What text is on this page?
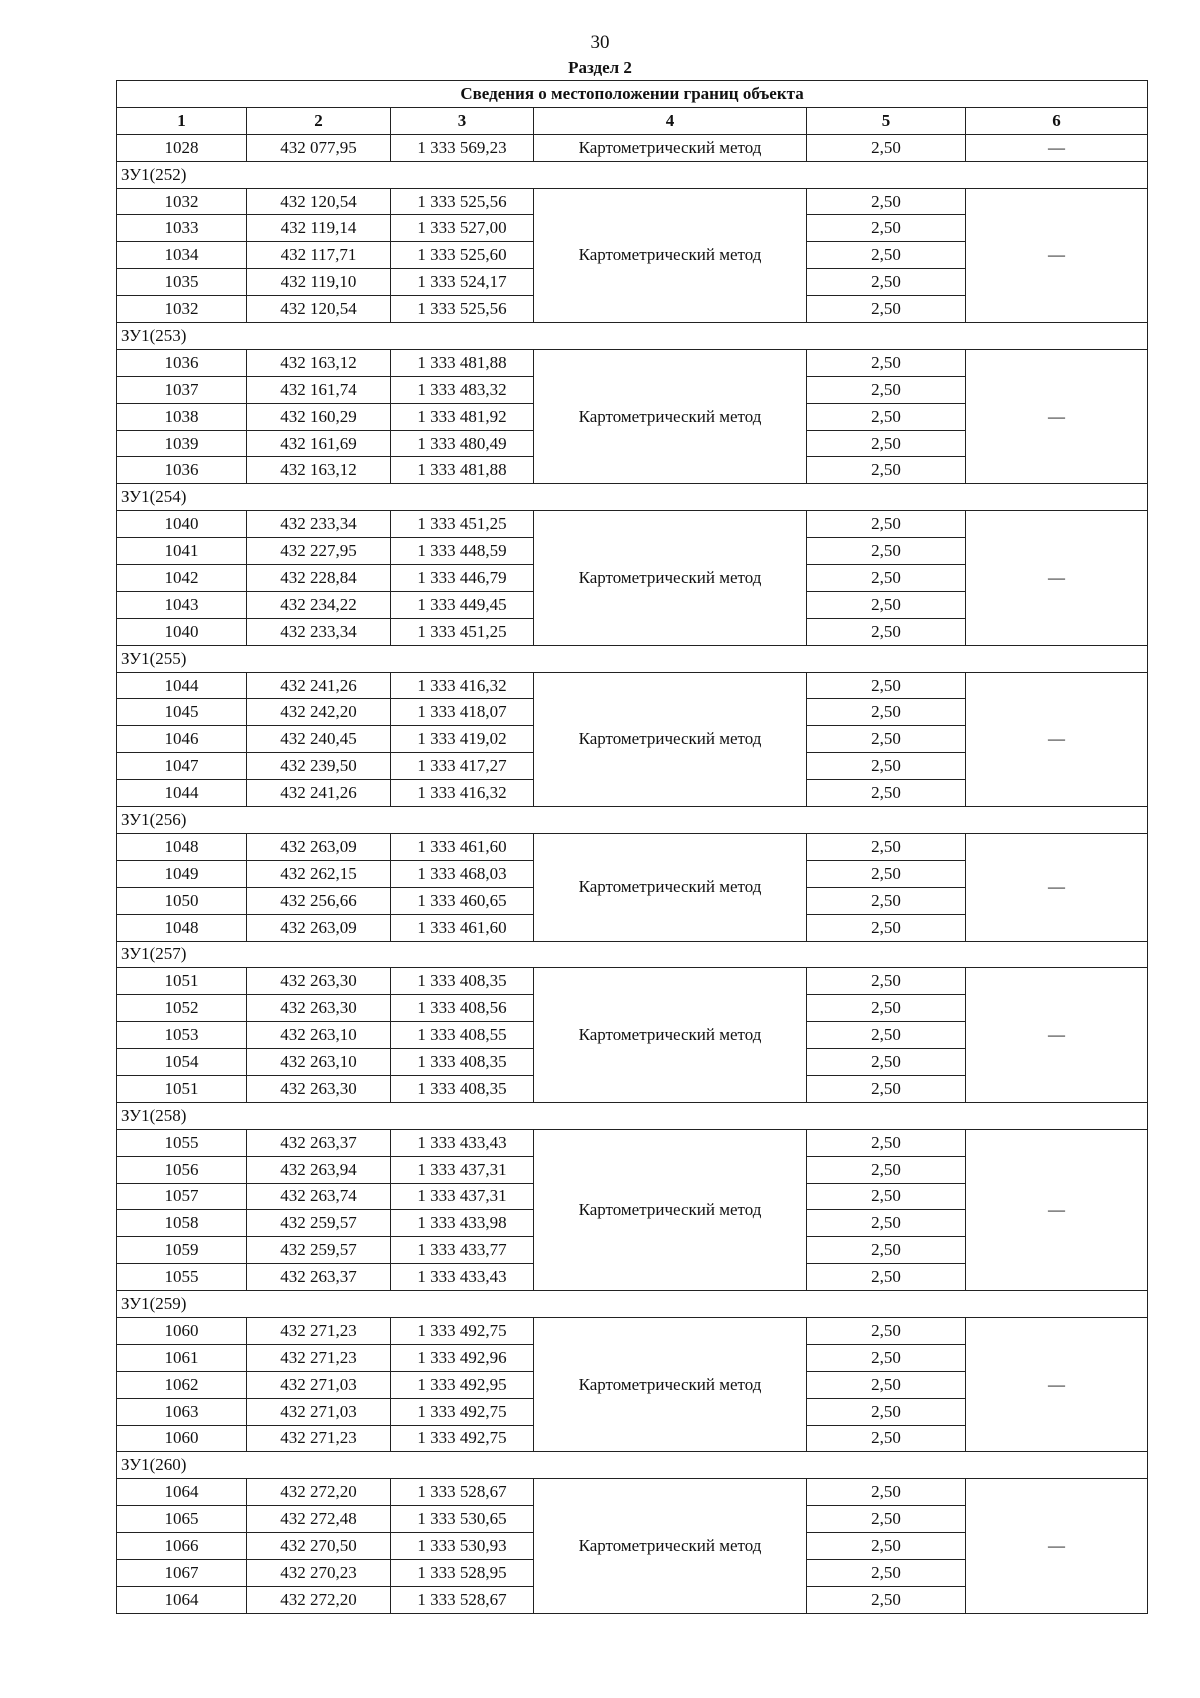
30
Раздел 2
Сведения о местоположении границ объекта					
1	2	3	4	5	6
1028	432 077,95	1 333 569,23	Картометрический метод	2,50	—
ЗУ1(252)					
1032	432 120,54	1 333 525,56	Картометрический метод	2,50	—
1033	432 119,14	1 333 527,00		2,50	
1034	432 117,71	1 333 525,60		2,50	
1035	432 119,10	1 333 524,17		2,50	
1032	432 120,54	1 333 525,56		2,50	
ЗУ1(253)					
1036	432 163,12	1 333 481,88	Картометрический метод	2,50	—
1037	432 161,74	1 333 483,32		2,50	
1038	432 160,29	1 333 481,92		2,50	
1039	432 161,69	1 333 480,49		2,50	
1036	432 163,12	1 333 481,88		2,50	
ЗУ1(254)					
1040	432 233,34	1 333 451,25	Картометрический метод	2,50	—
1041	432 227,95	1 333 448,59		2,50	
1042	432 228,84	1 333 446,79		2,50	
1043	432 234,22	1 333 449,45		2,50	
1040	432 233,34	1 333 451,25		2,50	
ЗУ1(255)					
1044	432 241,26	1 333 416,32	Картометрический метод	2,50	—
1045	432 242,20	1 333 418,07		2,50	
1046	432 240,45	1 333 419,02		2,50	
1047	432 239,50	1 333 417,27		2,50	
1044	432 241,26	1 333 416,32		2,50	
ЗУ1(256)					
1048	432 263,09	1 333 461,60	Картометрический метод	2,50	—
1049	432 262,15	1 333 468,03		2,50	
1050	432 256,66	1 333 460,65		2,50	
1048	432 263,09	1 333 461,60		2,50	
ЗУ1(257)					
1051	432 263,30	1 333 408,35	Картометрический метод	2,50	—
1052	432 263,30	1 333 408,56		2,50	
1053	432 263,10	1 333 408,55		2,50	
1054	432 263,10	1 333 408,35		2,50	
1051	432 263,30	1 333 408,35		2,50	
ЗУ1(258)					
1055	432 263,37	1 333 433,43	Картометрический метод	2,50	—
1056	432 263,94	1 333 437,31		2,50	
1057	432 263,74	1 333 437,31		2,50	
1058	432 259,57	1 333 433,98		2,50	
1059	432 259,57	1 333 433,77		2,50	
1055	432 263,37	1 333 433,43		2,50	
ЗУ1(259)					
1060	432 271,23	1 333 492,75	Картометрический метод	2,50	—
1061	432 271,23	1 333 492,96		2,50	
1062	432 271,03	1 333 492,95		2,50	
1063	432 271,03	1 333 492,75		2,50	
1060	432 271,23	1 333 492,75		2,50	
ЗУ1(260)					
1064	432 272,20	1 333 528,67	Картометрический метод	2,50	—
1065	432 272,48	1 333 530,65		2,50	
1066	432 270,50	1 333 530,93		2,50	
1067	432 270,23	1 333 528,95		2,50	
1064	432 272,20	1 333 528,67		2,50	
